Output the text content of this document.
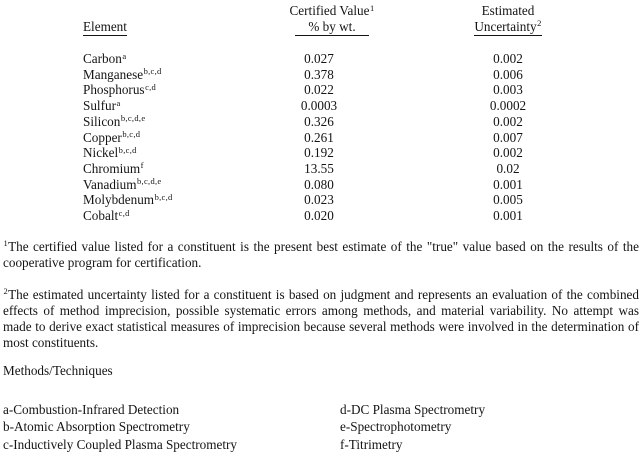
	Certified Value$^1$	Estimated
Element	% by wt.	Uncertainty$^2$
Carbon$^a$	0.027	0.002
Manganese$^{b,c,d}$	0.378	0.006
Phosphorus$^{c,d}$	0.022	0.003
Sulfur$^a$	0.0003	0.0002
Silicon$^{b,c,d,e}$	0.326	0.002
Copper$^{b,c,d}$	0.261	0.007
Nickel$^{b,c,d}$	0.192	0.002
Chromium$^f$	13.55	0.02
Vanadium$^{b,c,d,e}$	0.080	0.001
Molybdenum$^{b,c,d}$	0.023	0.005
Cobalt$^{c,d}$	0.020	0.001

$^1$The certified value listed for a constituent is the present best estimate of the "true" value based on the results of the cooperative program for certification.

$^2$The estimated uncertainty listed for a constituent is based on judgment and represents an evaluation of the combined effects of method imprecision, possible systematic errors among methods, and material variability. No attempt was made to derive exact statistical measures of imprecision because several methods were involved in the determination of most constituents.

Methods/Techniques

a-Combustion-Infrared Detection
b-Atomic Absorption Spectrometry
c-Inductively Coupled Plasma Spectrometry
d-DC Plasma Spectrometry
e-Spectrophotometry
f-Titrimetry
